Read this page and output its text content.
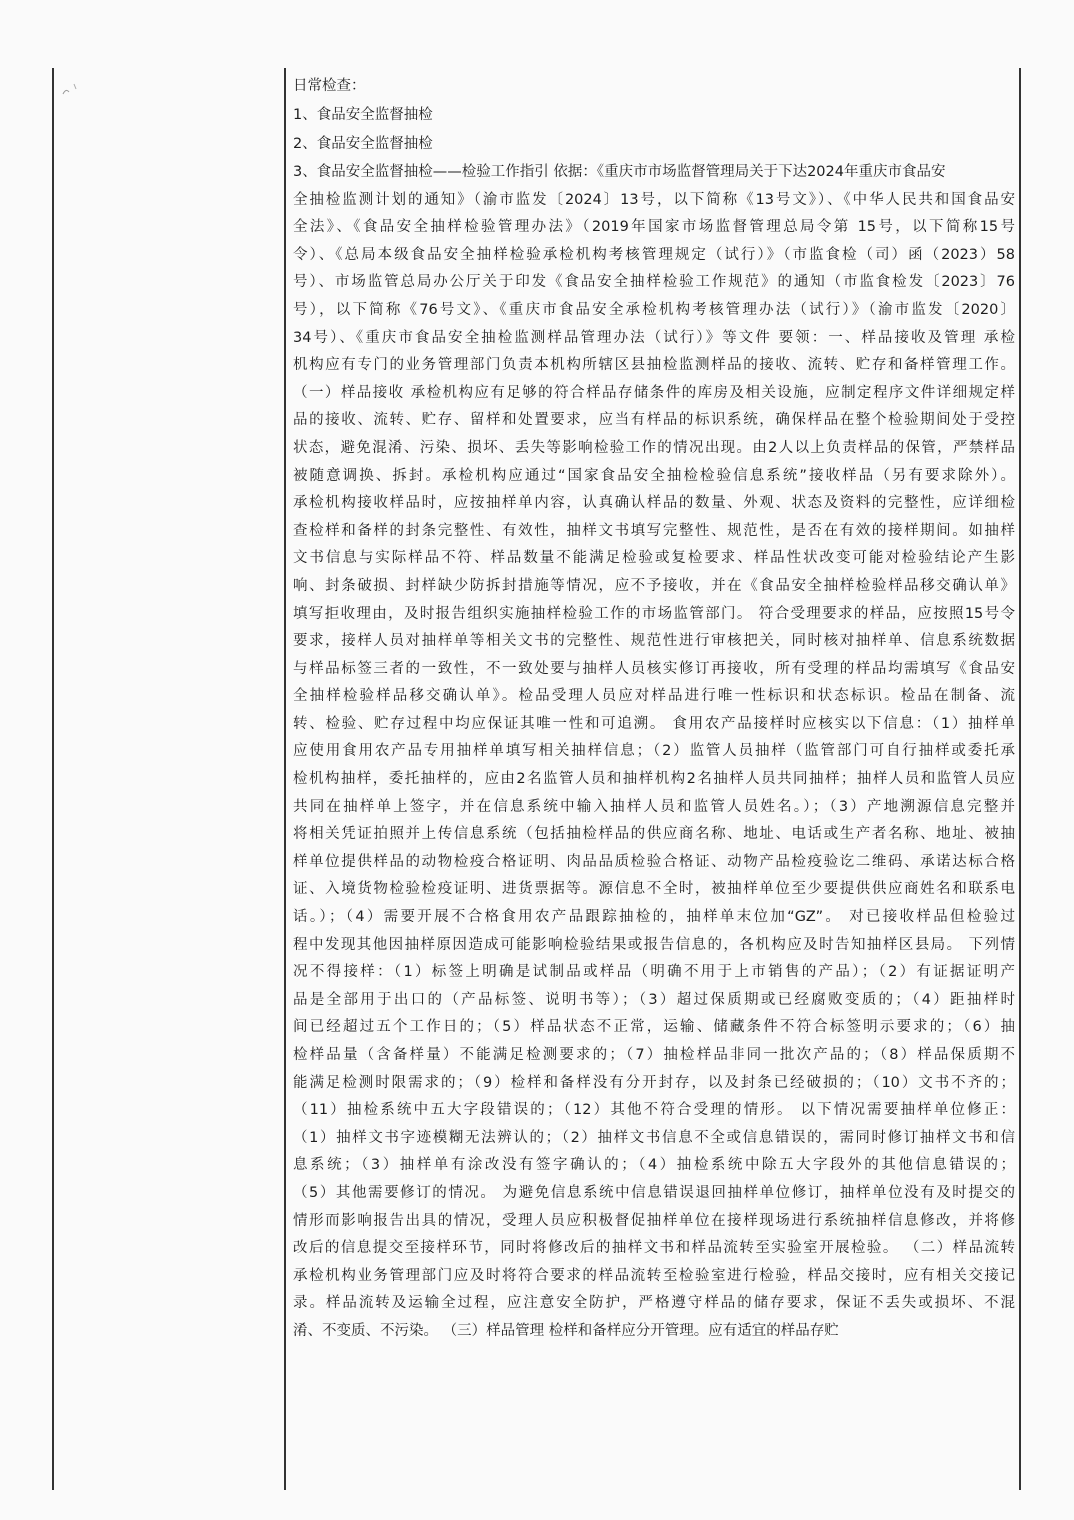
日常检查：
1、食品安全监督抽检
2、食品安全监督抽检
3、食品安全监督抽检——检验工作指引 依据：《重庆市市场监督管理局关于下达2024年重庆市食品安
全抽检监测计划的通知》（渝市监发〔2024〕13号，以下简称《13号文》）、《中华人民共和国食品安
全法》、《食品安全抽样检验管理办法》（2019年国家市场监督管理总局令第 15号，以下简称15号
令）、《总局本级食品安全抽样检验承检机构考核管理规定（试行）》（市监食检（司）函（2023）58
号）、市场监管总局办公厅关于印发《食品安全抽样检验工作规范》的通知（市监食检发〔2023〕76
号），以下简称《76号文》、《重庆市食品安全承检机构考核管理办法（试行）》（渝市监发〔2020〕
34号）、《重庆市食品安全抽检监测样品管理办法（试行）》等文件 要领：一、样品接收及管理 承检
机构应有专门的业务管理部门负责本机构所辖区县抽检监测样品的接收、流转、贮存和备样管理工作。
（一）样品接收 承检机构应有足够的符合样品存储条件的库房及相关设施，应制定程序文件详细规定样
品的接收、流转、贮存、留样和处置要求，应当有样品的标识系统，确保样品在整个检验期间处于受控
状态，避免混淆、污染、损坏、丢失等影响检验工作的情况出现。由2人以上负责样品的保管，严禁样品
被随意调换、拆封。承检机构应通过“国家食品安全抽检检验信息系统”接收样品（另有要求除外）。
承检机构接收样品时，应按抽样单内容，认真确认样品的数量、外观、状态及资料的完整性，应详细检
查检样和备样的封条完整性、有效性，抽样文书填写完整性、规范性，是否在有效的接样期间。如抽样
文书信息与实际样品不符、样品数量不能满足检验或复检要求、样品性状改变可能对检验结论产生影
响、封条破损、封样缺少防拆封措施等情况，应不予接收，并在《食品安全抽样检验样品移交确认单》
填写拒收理由，及时报告组织实施抽样检验工作的市场监管部门。 符合受理要求的样品，应按照15号令
要求，接样人员对抽样单等相关文书的完整性、规范性进行审核把关，同时核对抽样单、信息系统数据
与样品标签三者的一致性，不一致处要与抽样人员核实修订再接收，所有受理的样品均需填写《食品安
全抽样检验样品移交确认单》。检品受理人员应对样品进行唯一性标识和状态标识。检品在制备、流
转、检验、贮存过程中均应保证其唯一性和可追溯。 食用农产品接样时应核实以下信息：（1）抽样单
应使用食用农产品专用抽样单填写相关抽样信息；（2）监管人员抽样（监管部门可自行抽样或委托承
检机构抽样，委托抽样的，应由2名监管人员和抽样机构2名抽样人员共同抽样；抽样人员和监管人员应
共同在抽样单上签字，并在信息系统中输入抽样人员和监管人员姓名。）；（3）产地溯源信息完整并
将相关凭证拍照并上传信息系统（包括抽检样品的供应商名称、地址、电话或生产者名称、地址、被抽
样单位提供样品的动物检疫合格证明、肉品品质检验合格证、动物产品检疫验讫二维码、承诺达标合格
证、入境货物检验检疫证明、进货票据等。源信息不全时，被抽样单位至少要提供供应商姓名和联系电
话。）；（4）需要开展不合格食用农产品跟踪抽检的，抽样单末位加“GZ”。 对已接收样品但检验过
程中发现其他因抽样原因造成可能影响检验结果或报告信息的，各机构应及时告知抽样区县局。 下列情
况不得接样：（1）标签上明确是试制品或样品（明确不用于上市销售的产品）；（2）有证据证明产
品是全部用于出口的（产品标签、说明书等）；（3）超过保质期或已经腐败变质的；（4）距抽样时
间已经超过五个工作日的；（5）样品状态不正常，运输、储藏条件不符合标签明示要求的；（6）抽
检样品量（含备样量）不能满足检测要求的；（7）抽检样品非同一批次产品的；（8）样品保质期不
能满足检测时限需求的；（9）检样和备样没有分开封存，以及封条已经破损的；（10）文书不齐的；
（11）抽检系统中五大字段错误的；（12）其他不符合受理的情形。 以下情况需要抽样单位修正：
（1）抽样文书字迹模糊无法辨认的；（2）抽样文书信息不全或信息错误的，需同时修订抽样文书和信
息系统；（3）抽样单有涂改没有签字确认的；（4）抽检系统中除五大字段外的其他信息错误的；
（5）其他需要修订的情况。 为避免信息系统中信息错误退回抽样单位修订，抽样单位没有及时提交的
情形而影响报告出具的情况，受理人员应积极督促抽样单位在接样现场进行系统抽样信息修改，并将修
改后的信息提交至接样环节，同时将修改后的抽样文书和样品流转至实验室开展检验。 （二）样品流转
承检机构业务管理部门应及时将符合要求的样品流转至检验室进行检验，样品交接时，应有相关交接记
录。样品流转及运输全过程，应注意安全防护，严格遵守样品的储存要求，保证不丢失或损坏、不混
淆、不变质、不污染。 （三）样品管理 检样和备样应分开管理。应有适宜的样品存贮
